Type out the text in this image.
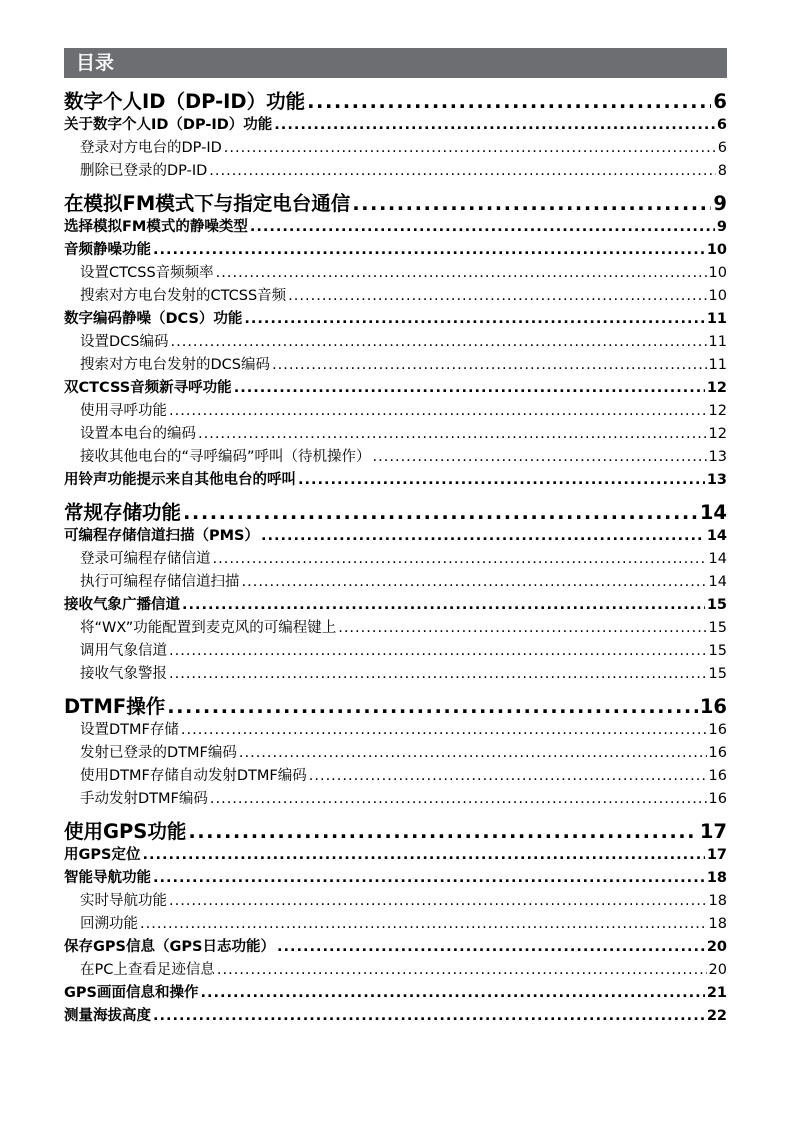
目录
数字个人ID（DP-ID）功能 .....	6
关于数字个人ID（DP-ID）功能 .....	6
登录对方电台的DP-ID .....	6
删除已登录的DP-ID .....	8
在模拟FM模式下与指定电台通信 .....	9
选择模拟FM模式的静噪类型 .....	9
音频静噪功能 .....	10
设置CTCSS音频频率 .....	10
搜索对方电台发射的CTCSS音频 .....	10
数字编码静噪（DCS）功能 .....	11
设置DCS编码 .....	11
搜索对方电台发射的DCS编码 .....	11
双CTCSS音频新寻呼功能 .....	12
使用寻呼功能 .....	12
设置本电台的编码 .....	12
接收其他电台的“寻呼编码”呼叫（待机操作） .....	13
用铃声功能提示来自其他电台的呼叫 .....	13
常规存储功能 .....	14
可编程存储信道扫描（PMS） .....	14
登录可编程存储信道 .....	14
执行可编程存储信道扫描 .....	14
接收气象广播信道 .....	15
将“WX”功能配置到麦克风的可编程键上 .....	15
调用气象信道 .....	15
接收气象警报 .....	15
DTMF操作 .....	16
设置DTMF存储 .....	16
发射已登录的DTMF编码 .....	16
使用DTMF存储自动发射DTMF编码 .....	16
手动发射DTMF编码 .....	16
使用GPS功能 .....	17
用GPS定位 .....	17
智能导航功能 .....	18
实时导航功能 .....	18
回溯功能 .....	18
保存GPS信息（GPS日志功能） .....	20
在PC上查看足迹信息 .....	20
GPS画面信息和操作 .....	21
测量海拔高度 .....	22
